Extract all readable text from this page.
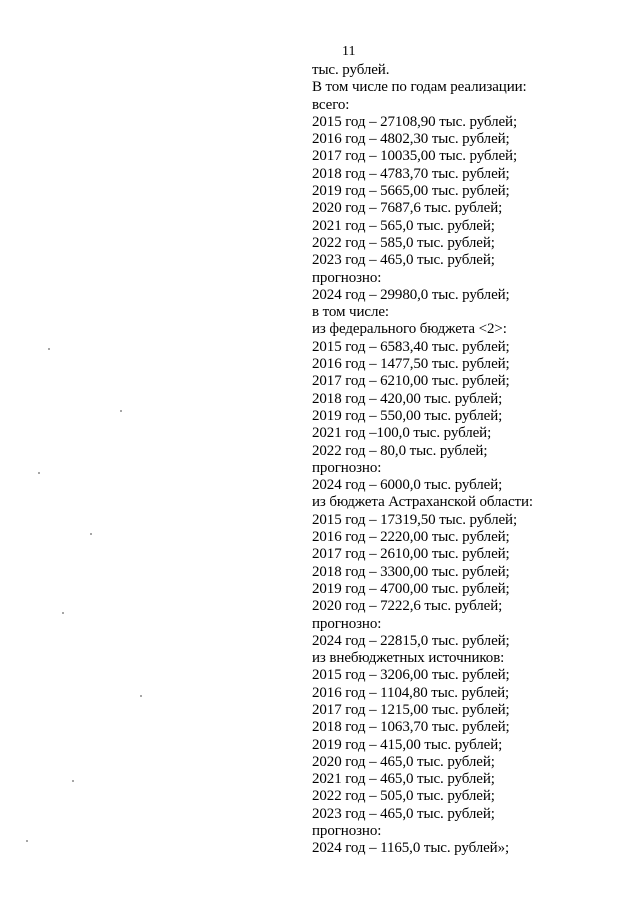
11

тыс. рублей.
В том числе по годам реализации:
всего:
2015 год – 27108,90 тыс. рублей;
2016 год – 4802,30 тыс. рублей;
2017 год – 10035,00 тыс. рублей;
2018 год – 4783,70 тыс. рублей;
2019 год – 5665,00 тыс. рублей;
2020 год – 7687,6 тыс. рублей;
2021 год – 565,0 тыс. рублей;
2022 год – 585,0 тыс. рублей;
2023 год – 465,0 тыс. рублей;
прогнозно:
2024 год – 29980,0 тыс. рублей;
в том числе:
из федерального бюджета <2>:
2015 год – 6583,40 тыс. рублей;
2016 год – 1477,50 тыс. рублей;
2017 год – 6210,00 тыс. рублей;
2018 год – 420,00 тыс. рублей;
2019 год – 550,00 тыс. рублей;
2021 год –100,0 тыс. рублей;
2022 год – 80,0 тыс. рублей;
прогнозно:
2024 год – 6000,0 тыс. рублей;
из бюджета Астраханской области:
2015 год – 17319,50 тыс. рублей;
2016 год – 2220,00 тыс. рублей;
2017 год – 2610,00 тыс. рублей;
2018 год – 3300,00 тыс. рублей;
2019 год – 4700,00 тыс. рублей;
2020 год – 7222,6 тыс. рублей;
прогнозно:
2024 год – 22815,0 тыс. рублей;
из внебюджетных источников:
2015 год – 3206,00 тыс. рублей;
2016 год – 1104,80 тыс. рублей;
2017 год – 1215,00 тыс. рублей;
2018 год – 1063,70 тыс. рублей;
2019 год – 415,00 тыс. рублей;
2020 год – 465,0 тыс. рублей;
2021 год – 465,0 тыс. рублей;
2022 год – 505,0 тыс. рублей;
2023 год – 465,0 тыс. рублей;
прогнозно:
2024 год – 1165,0 тыс. рублей»;
